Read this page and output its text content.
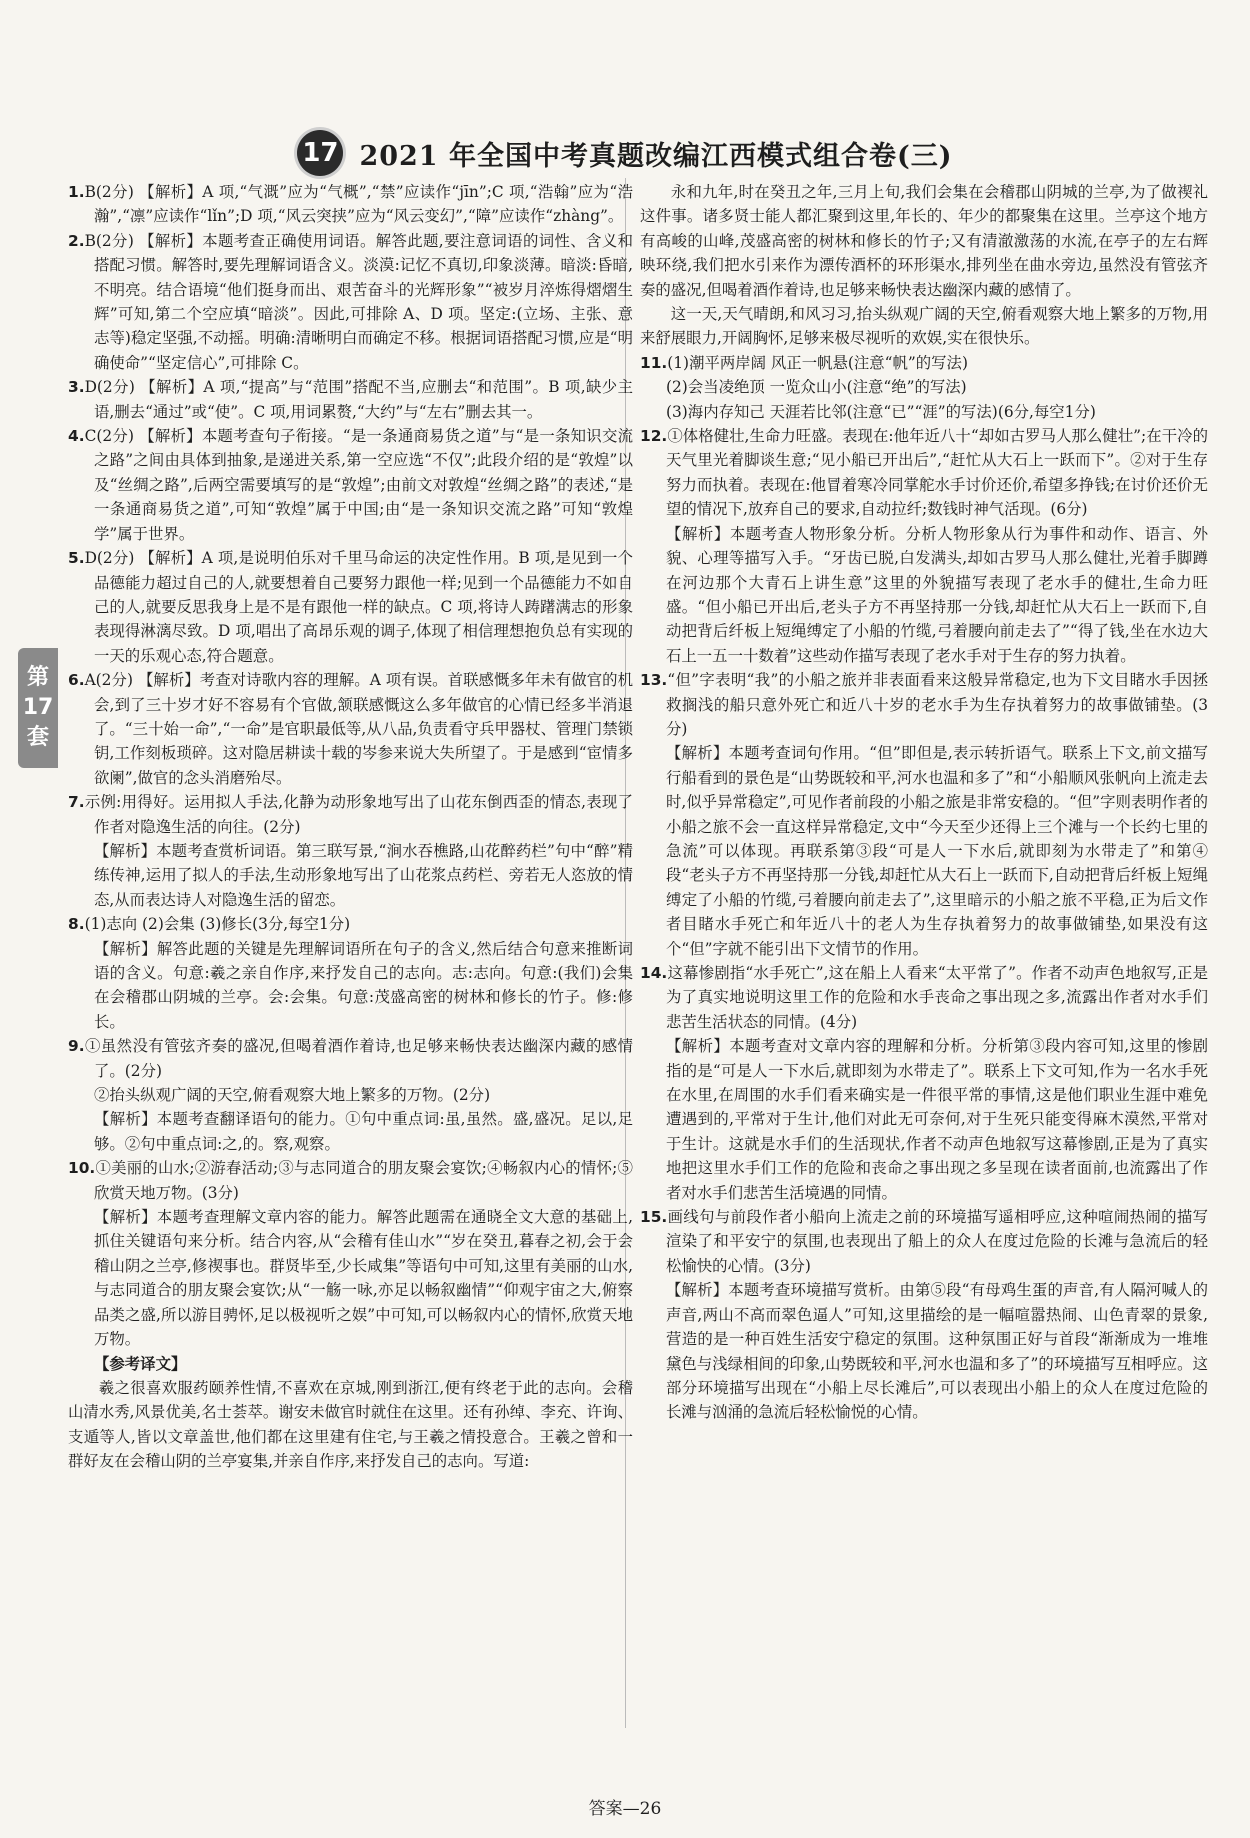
17 2021 年全国中考真题改编江西模式组合卷(三)
第
17
套

1.B(2分) 【解析】A 项,“气溉”应为“气概”,“禁”应读作“jīn”;C 项,“浩翰”应为“浩瀚”,“凛”应读作“lǐn”;D 项,“风云突挟”应为“风云变幻”,“障”应读作“zhàng”。

2.B(2分) 【解析】本题考查正确使用词语。解答此题,要注意词语的词性、含义和搭配习惯。解答时,要先理解词语含义。淡漠:记忆不真切,印象淡薄。暗淡:昏暗,不明亮。结合语境“他们挺身而出、艰苦奋斗的光辉形象”“被岁月淬炼得熠熠生辉”可知,第二个空应填“暗淡”。因此,可排除 A、D 项。坚定:(立场、主张、意志等)稳定坚强,不动摇。明确:清晰明白而确定不移。根据词语搭配习惯,应是“明确使命”“坚定信心”,可排除 C。

3.D(2分) 【解析】A 项,“提高”与“范围”搭配不当,应删去“和范围”。B 项,缺少主语,删去“通过”或“使”。C 项,用词累赘,“大约”与“左右”删去其一。

4.C(2分) 【解析】本题考查句子衔接。“是一条通商易货之道”与“是一条知识交流之路”之间由具体到抽象,是递进关系,第一空应选“不仅”;此段介绍的是“敦煌”以及“丝绸之路”,后两空需要填写的是“敦煌”;由前文对敦煌“丝绸之路”的表述,“是一条通商易货之道”,可知“敦煌”属于中国;由“是一条知识交流之路”可知“敦煌学”属于世界。

5.D(2分) 【解析】A 项,是说明伯乐对千里马命运的决定性作用。B 项,是见到一个品德能力超过自己的人,就要想着自己要努力跟他一样;见到一个品德能力不如自己的人,就要反思我身上是不是有跟他一样的缺点。C 项,将诗人踌躇满志的形象表现得淋漓尽致。D 项,唱出了高昂乐观的调子,体现了相信理想抱负总有实现的一天的乐观心态,符合题意。

6.A(2分) 【解析】考查对诗歌内容的理解。A 项有误。首联感慨多年未有做官的机会,到了三十岁才好不容易有个官做,颔联感慨这么多年做官的心情已经多半消退了。“三十始一命”,“一命”是官职最低等,从八品,负责看守兵甲器杖、管理门禁锁钥,工作刻板琐碎。这对隐居耕读十载的岑参来说大失所望了。于是感到“宦情多欲阑”,做官的念头消磨殆尽。

7.示例:用得好。运用拟人手法,化静为动形象地写出了山花东倒西歪的情态,表现了作者对隐逸生活的向往。(2分)

【解析】本题考查赏析词语。第三联写景,“涧水吞樵路,山花醉药栏”句中“醉”精练传神,运用了拟人的手法,生动形象地写出了山花浆点药栏、旁若无人恣放的情态,从而表达诗人对隐逸生活的留恋。

8.(1)志向 (2)会集 (3)修长(3分,每空1分)

【解析】解答此题的关键是先理解词语所在句子的含义,然后结合句意来推断词语的含义。句意:羲之亲自作序,来抒发自己的志向。志:志向。句意:(我们)会集在会稽郡山阴城的兰亭。会:会集。句意:茂盛高密的树林和修长的竹子。修:修长。

9.①虽然没有管弦齐奏的盛况,但喝着酒作着诗,也足够来畅快表达幽深内藏的感情了。(2分)

②抬头纵观广阔的天空,俯看观察大地上繁多的万物。(2分)

【解析】本题考查翻译语句的能力。①句中重点词:虽,虽然。盛,盛况。足以,足够。②句中重点词:之,的。察,观察。

10.①美丽的山水;②游春活动;③与志同道合的朋友聚会宴饮;④畅叙内心的情怀;⑤欣赏天地万物。(3分)

【解析】本题考查理解文章内容的能力。解答此题需在通晓全文大意的基础上,抓住关键语句来分析。结合内容,从“会稽有佳山水”“岁在癸丑,暮春之初,会于会稽山阴之兰亭,修禊事也。群贤毕至,少长咸集”等语句中可知,这里有美丽的山水,与志同道合的朋友聚会宴饮;从“一觞一咏,亦足以畅叙幽情”“仰观宇宙之大,俯察品类之盛,所以游目骋怀,足以极视听之娱”中可知,可以畅叙内心的情怀,欣赏天地万物。

【参考译文】

羲之很喜欢服药颐养性情,不喜欢在京城,刚到浙江,便有终老于此的志向。会稽山清水秀,风景优美,名士荟萃。谢安未做官时就住在这里。还有孙绰、李充、许询、支遁等人,皆以文章盖世,他们都在这里建有住宅,与王羲之情投意合。王羲之曾和一群好友在会稽山阴的兰亭宴集,并亲自作序,来抒发自己的志向。写道:

永和九年,时在癸丑之年,三月上旬,我们会集在会稽郡山阴城的兰亭,为了做禊礼这件事。诸多贤士能人都汇聚到这里,年长的、年少的都聚集在这里。兰亭这个地方有高峻的山峰,茂盛高密的树林和修长的竹子;又有清澈激荡的水流,在亭子的左右辉映环绕,我们把水引来作为漂传酒杯的环形渠水,排列坐在曲水旁边,虽然没有管弦齐奏的盛况,但喝着酒作着诗,也足够来畅快表达幽深内藏的感情了。

这一天,天气晴朗,和风习习,抬头纵观广阔的天空,俯看观察大地上繁多的万物,用来舒展眼力,开阔胸怀,足够来极尽视听的欢娱,实在很快乐。

11.(1)潮平两岸阔 风正一帆悬(注意“帆”的写法)

(2)会当凌绝顶 一览众山小(注意“绝”的写法)

(3)海内存知己 天涯若比邻(注意“已”“涯”的写法)(6分,每空1分)

12.①体格健壮,生命力旺盛。表现在:他年近八十“却如古罗马人那么健壮”;在干冷的天气里光着脚谈生意;“见小船已开出后”,“赶忙从大石上一跃而下”。②对于生存努力而执着。表现在:他冒着寒冷同掌舵水手讨价还价,希望多挣钱;在讨价还价无望的情况下,放弃自己的要求,自动拉纤;数钱时神气活现。(6分)

【解析】本题考查人物形象分析。分析人物形象从行为事件和动作、语言、外貌、心理等描写入手。“牙齿已脱,白发满头,却如古罗马人那么健壮,光着手脚蹲在河边那个大青石上讲生意”这里的外貌描写表现了老水手的健壮,生命力旺盛。“但小船已开出后,老头子方不再坚持那一分钱,却赶忙从大石上一跃而下,自动把背后纤板上短绳缚定了小船的竹缆,弓着腰向前走去了”“得了钱,坐在水边大石上一五一十数着”这些动作描写表现了老水手对于生存的努力执着。

13.“但”字表明“我”的小船之旅并非表面看来这般异常稳定,也为下文目睹水手因拯救搁浅的船只意外死亡和近八十岁的老水手为生存执着努力的故事做铺垫。(3分)

【解析】本题考查词句作用。“但”即但是,表示转折语气。联系上下文,前文描写行船看到的景色是“山势既较和平,河水也温和多了”和“小船顺风张帆向上流走去时,似乎异常稳定”,可见作者前段的小船之旅是非常安稳的。“但”字则表明作者的小船之旅不会一直这样异常稳定,文中“今天至少还得上三个滩与一个长约七里的急流”可以体现。再联系第③段“可是人一下水后,就即刻为水带走了”和第④段“老头子方不再坚持那一分钱,却赶忙从大石上一跃而下,自动把背后纤板上短绳缚定了小船的竹缆,弓着腰向前走去了”,这里暗示的小船之旅不平稳,正为后文作者目睹水手死亡和年近八十的老人为生存执着努力的故事做铺垫,如果没有这个“但”字就不能引出下文情节的作用。

14.这幕惨剧指“水手死亡”,这在船上人看来“太平常了”。作者不动声色地叙写,正是为了真实地说明这里工作的危险和水手丧命之事出现之多,流露出作者对水手们悲苦生活状态的同情。(4分)

【解析】本题考查对文章内容的理解和分析。分析第③段内容可知,这里的惨剧指的是“可是人一下水后,就即刻为水带走了”。联系上下文可知,作为一名水手死在水里,在周围的水手们看来确实是一件很平常的事情,这是他们职业生涯中难免遭遇到的,平常对于生计,他们对此无可奈何,对于生死只能变得麻木漠然,平常对于生计。这就是水手们的生活现状,作者不动声色地叙写这幕惨剧,正是为了真实地把这里水手们工作的危险和丧命之事出现之多呈现在读者面前,也流露出了作者对水手们悲苦生活境遇的同情。

15.画线句与前段作者小船向上流走之前的环境描写遥相呼应,这种喧闹热闹的描写渲染了和平安宁的氛围,也表现出了船上的众人在度过危险的长滩与急流后的轻松愉快的心情。(3分)

【解析】本题考查环境描写赏析。由第⑤段“有母鸡生蛋的声音,有人隔河喊人的声音,两山不高而翠色逼人”可知,这里描绘的是一幅喧嚣热闹、山色青翠的景象,营造的是一种百姓生活安宁稳定的氛围。这种氛围正好与首段“渐渐成为一堆堆黛色与浅绿相间的印象,山势既较和平,河水也温和多了”的环境描写互相呼应。这部分环境描写出现在“小船上尽长滩后”,可以表现出小船上的众人在度过危险的长滩与汹涌的急流后轻松愉悦的心情。

答案—26
